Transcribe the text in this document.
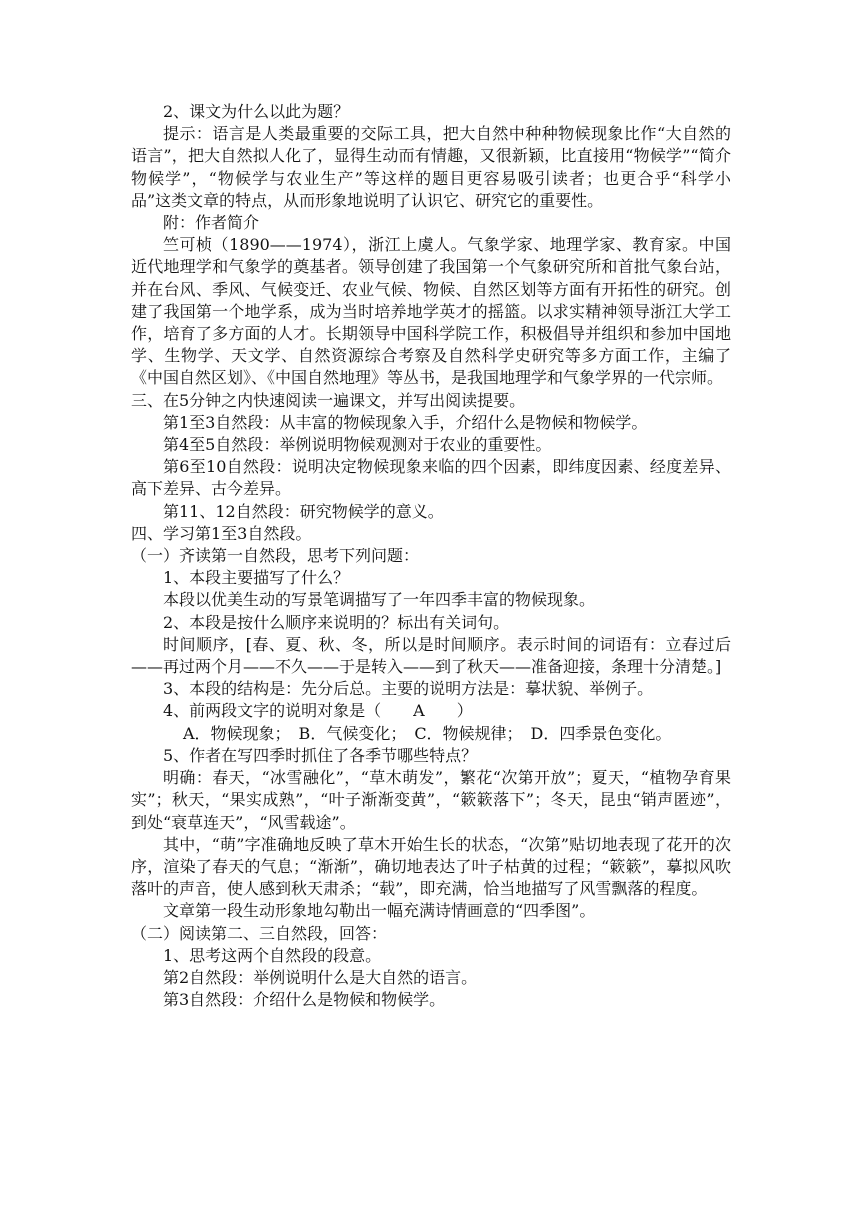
2、课文为什么以此为题？

提示：语言是人类最重要的交际工具，把大自然中种种物候现象比作“大自然的语言”，把大自然拟人化了，显得生动而有情趣，又很新颖，比直接用“物候学”“简介物候学”，“物候学与农业生产”等这样的题目更容易吸引读者；也更合乎“科学小品”这类文章的特点，从而形象地说明了认识它、研究它的重要性。

附：作者简介

竺可桢（1890——1974），浙江上虞人。气象学家、地理学家、教育家。中国近代地理学和气象学的奠基者。领导创建了我国第一个气象研究所和首批气象台站，并在台风、季风、气候变迁、农业气候、物候、自然区划等方面有开拓性的研究。创建了我国第一个地学系，成为当时培养地学英才的摇篮。以求实精神领导浙江大学工作，培育了多方面的人才。长期领导中国科学院工作，积极倡导并组织和参加中国地学、生物学、天文学、自然资源综合考察及自然科学史研究等多方面工作，主编了《中国自然区划》、《中国自然地理》等丛书，是我国地理学和气象学界的一代宗师。

三、在5分钟之内快速阅读一遍课文，并写出阅读提要。

第1至3自然段：从丰富的物候现象入手，介绍什么是物候和物候学。

第4至5自然段：举例说明物候观测对于农业的重要性。

第6至10自然段：说明决定物候现象来临的四个因素，即纬度因素、经度差异、高下差异、古今差异。

第11、12自然段：研究物候学的意义。

四、学习第1至3自然段。

（一）齐读第一自然段，思考下列问题：

1、本段主要描写了什么？

本段以优美生动的写景笔调描写了一年四季丰富的物候现象。

2、本段是按什么顺序来说明的？标出有关词句。

时间顺序，[春、夏、秋、冬，所以是时间顺序。表示时间的词语有：立春过后——再过两个月——不久——于是转入——到了秋天——准备迎接，条理十分清楚。]

3、本段的结构是：先分后总。主要的说明方法是：摹状貌、举例子。

4、前两段文字的说明对象是（　　A　　）

A．物候现象；　B．气候变化；　C．物候规律；　D．四季景色变化。

5、作者在写四季时抓住了各季节哪些特点？

明确：春天，“冰雪融化”，“草木萌发”，繁花“次第开放”；夏天，“植物孕育果实”；秋天，“果实成熟”，“叶子渐渐变黄”，“簌簌落下”；冬天，昆虫“销声匿迹”，到处“衰草连天”，“风雪载途”。

其中，“萌”字准确地反映了草木开始生长的状态，“次第”贴切地表现了花开的次序，渲染了春天的气息；“渐渐”，确切地表达了叶子枯黄的过程；“簌簌”，摹拟风吹落叶的声音，使人感到秋天肃杀；“载”，即充满，恰当地描写了风雪飘落的程度。

文章第一段生动形象地勾勒出一幅充满诗情画意的“四季图”。

（二）阅读第二、三自然段，回答：

1、思考这两个自然段的段意。

第2自然段：举例说明什么是大自然的语言。

第3自然段：介绍什么是物候和物候学。
